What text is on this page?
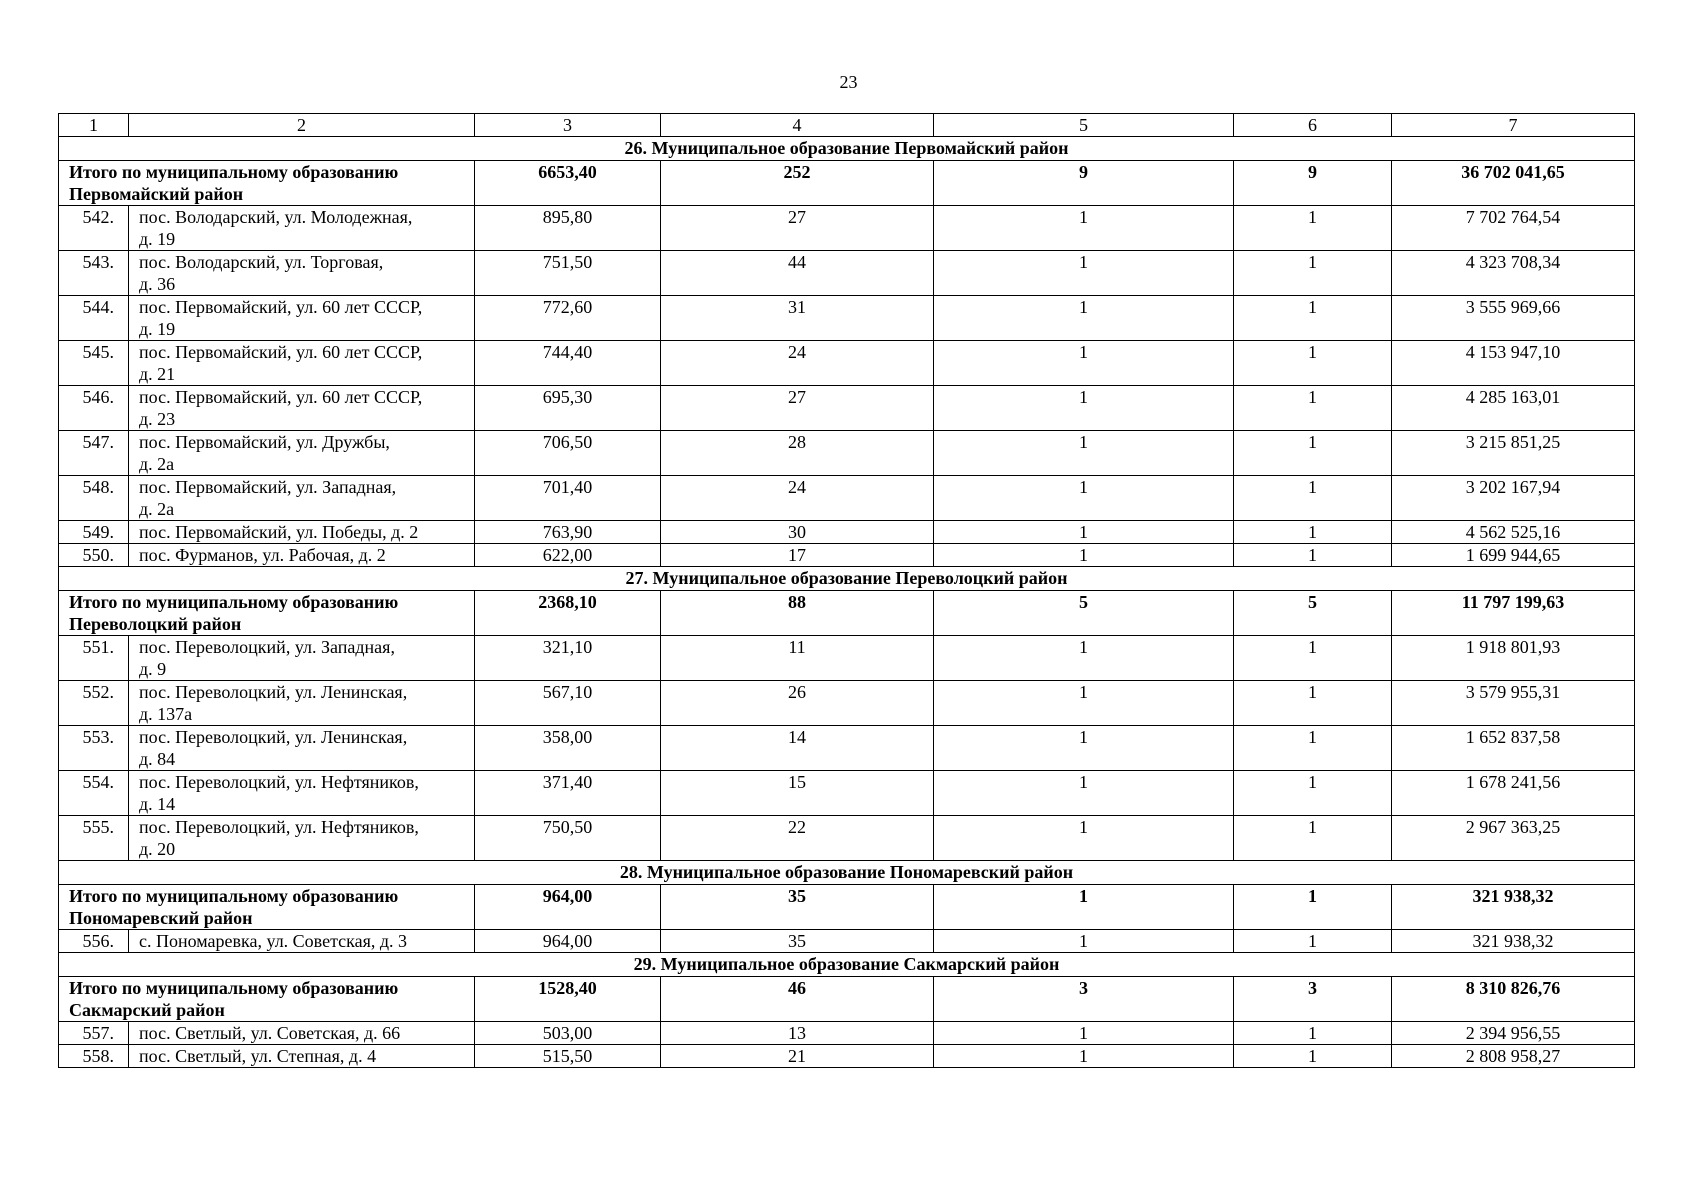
23
1	2	3	4	5	6	7
26. Муниципальное образование Первомайский район						

Итого по муниципальному образованию
Первомайский район		6653,40	252	9	9	36 702 041,65
542.	пос. Володарский, ул. Молодежная,
д. 19	895,80	27	1	1	7 702 764,54
543.	пос. Володарский, ул. Торговая,
д. 36	751,50	44	1	1	4 323 708,34
544.	пос. Первомайский, ул. 60 лет СССР,
д. 19	772,60	31	1	1	3 555 969,66
545.	пос. Первомайский, ул. 60 лет СССР,
д. 21	744,40	24	1	1	4 153 947,10
546.	пос. Первомайский, ул. 60 лет СССР,
д. 23	695,30	27	1	1	4 285 163,01
547.	пос. Первомайский, ул. Дружбы,
д. 2а	706,50	28	1	1	3 215 851,25
548.	пос. Первомайский, ул. Западная,
д. 2а	701,40	24	1	1	3 202 167,94
549.	пос. Первомайский, ул. Победы, д. 2	763,90	30	1	1	4 562 525,16
550.	пос. Фурманов, ул. Рабочая, д. 2	622,00	17	1	1	1 699 944,65
27. Муниципальное образование Переволоцкий район						

Итого по муниципальному образованию
Переволоцкий район		2368,10	88	5	5	11 797 199,63
551.	пос. Переволоцкий, ул. Западная,
д. 9	321,10	11	1	1	1 918 801,93
552.	пос. Переволоцкий, ул. Ленинская,
д. 137а	567,10	26	1	1	3 579 955,31
553.	пос. Переволоцкий, ул. Ленинская,
д. 84	358,00	14	1	1	1 652 837,58
554.	пос. Переволоцкий, ул. Нефтяников,
д. 14	371,40	15	1	1	1 678 241,56
555.	пос. Переволоцкий, ул. Нефтяников,
д. 20	750,50	22	1	1	2 967 363,25
28. Муниципальное образование Пономаревский район						

Итого по муниципальному образованию
Пономаревский район		964,00	35	1	1	321 938,32
556.	с. Пономаревка, ул. Советская, д. 3	964,00	35	1	1	321 938,32
29. Муниципальное образование Сакмарский район						

Итого по муниципальному образованию
Сакмарский район		1528,40	46	3	3	8 310 826,76
557.	пос. Светлый, ул. Советская, д. 66	503,00	13	1	1	2 394 956,55
558.	пос. Светлый, ул. Степная, д. 4	515,50	21	1	1	2 808 958,27
